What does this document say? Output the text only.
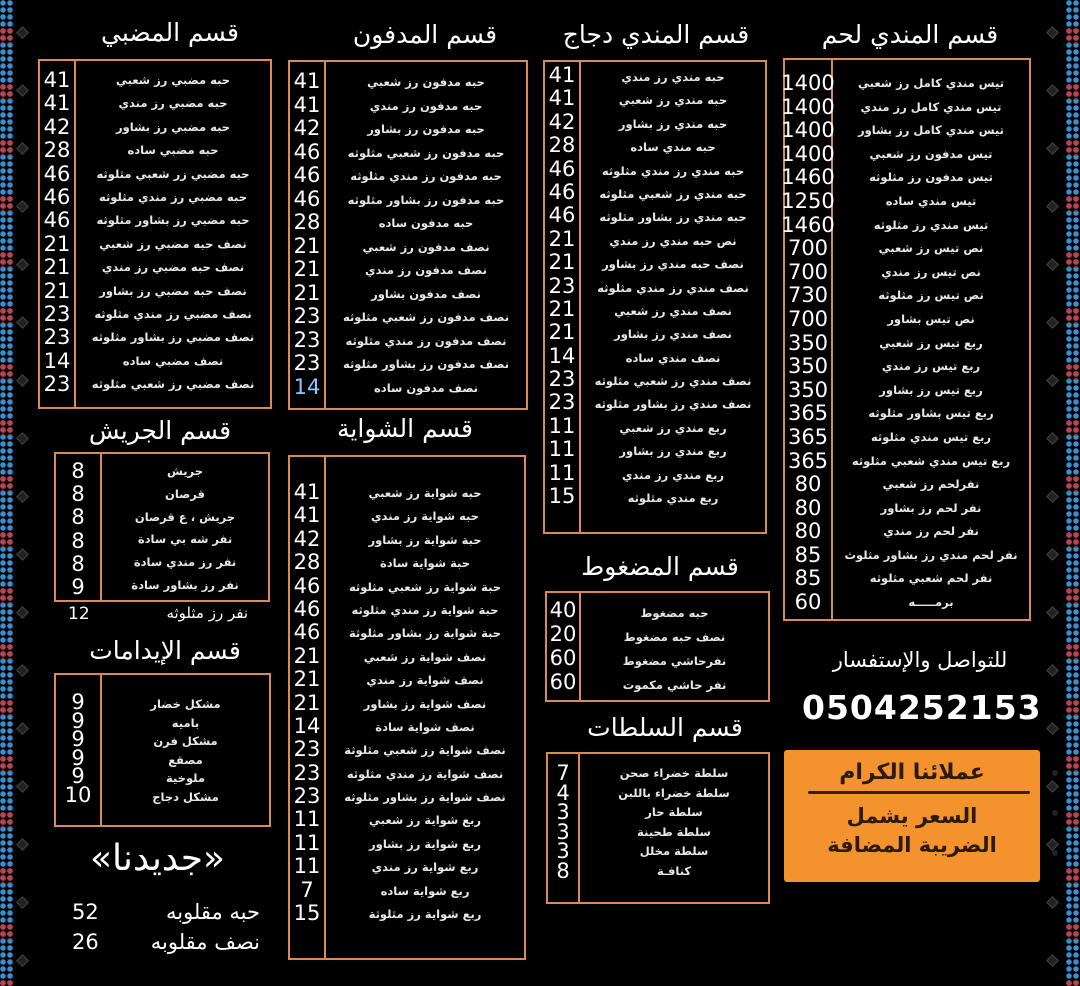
قسم المندي لحم
قسم المندي دجاج
قسم المدفون
قسم المضبي
قسم الشواية
قسم الجريش
قسم الإيدامات
قسم المضغوط
قسم السلطات
1400
1400
1400
1400
1460
1250
1460
700
700
730
700
350
350
350
365
365
365
80
80
80
85
85
60
تيس مندي كامل رز شعبي
تيس مندي كامل رز مندي
تيس مندي كامل رز بشاور
تيس مدفون رز شعبي
تيس مدفون رز مثلوثه
تيس مندي ساده
تيس مندي رز مثلوثه
نص تيس رز شعبي
نص تيس رز مندي
نص تيس رز مثلوثه
نص تيس بشاور
ربع تيس رز شعبي
ربع تيس رز مندي
ربع تيس رز بشاور
ربع تيس بشاور مثلوثه
ربع تيس مندي مثلوثه
ربع تيس مندي شعبي مثلوثه
نفرلحم رز شعبي
نفر لحم رز بشاور
نفر لحم رز مندي
نفر لحم مندي رز بشاور مثلوث
نفر لحم شعبي مثلوثه
برمـــــه
41
41
42
28
46
46
46
21
21
23
21
21
14
23
23
11
11
11
15
حبه مندي رز مندي
حبه مندي رز شعبي
حبه مندي رز بشاور
حبه مندي ساده
حبه مندي رز مندي مثلوثه
حبه مندي رز شعبي مثلوثه
حبه مندي رز بشاور مثلوثه
نص حبه مندي رز مندي
نصف حبه مندي رز بشاور
نصف مندي رز مندي مثلوثه
نصف مندي رز شعبي
نصف مندي رز بشاور
نصف مندي ساده
نصف مندي رز شعبي مثلوثه
نصف مندي رز بشاور مثلوثه
ربع مندي رز شعبي
ربع مندي رز بشاور
ربع مندي رز مندي
ربع مندي مثلوثه
41
41
42
46
46
46
28
21
21
21
23
23
23
14
حبه مدفون رز شعبي
حبه مدفون رز مندي
حبه مدفون رز بشاور
حبه مدفون رز شعبي مثلوثه
حبه مدفون رز مندي مثلوثه
حبه مدفون رز بشاور مثلوثه
حبه مدفون ساده
نصف مدفون رز شعبي
نصف مدفون رز مندي
نصف مدفون بشاور
نصف مدفون رز شعبي مثلوثه
نصف مدفون رز مندي مثلوثه
نصف مدفون رز بشاور مثلوثه
نصف مدفون ساده
41
41
42
28
46
46
46
21
21
21
23
23
14
23
حبه مضبي رز شعبي
حبه مضبي رز مندي
حبه مضبي رز بشاور
حبه مضبي ساده
حبه مضبي زر شعبي مثلوثه
حبه مضبي رز مندي مثلوثه
حبه مضبي رز بشاور مثلوثه
نصف حبه مضبي رز شعبي
نصف حبه مضبي رز مندي
نصف حبه مضبي رز بشاور
نصف مضبي رز مندي مثلوثه
نصف مضبي رز بشاور مثلوثه
نصف مضبي ساده
نصف مضبي رز شعبي مثلوثه
41
41
42
28
46
46
46
21
21
21
14
23
23
23
11
11
11
7
15
حبه شواية رز شعبي
حبه شواية رز مندي
حبة شواية رز بشاور
حبة شواية سادة
حبة شواية رز شعبي مثلوثه
حبة شواية رز مندي مثلوثه
حبة شواية رز بشاور مثلوثة
نصف شواية رز شعبي
نصف شواية رز مندي
نصف شواية رز بشاور
نصف شواية سادة
نصف شواية رز شعبي مثلوثة
نصف شواية رز مندي مثلوثه
نصف شواية رز بشاور مثلوثه
ربع شواية رز شعبي
ربع شواية رز بشاور
ربع شواية رز مندي
ربع شواية ساده
ربع شواية رز مثلوثة
8
8
8
8
8
9
جريش
قرصان
جريش ، ع قرصان
نفر شه بي سادة
نفر رز مندي سادة
نفر رز بشاور سادة
نفر رز مثلوثه
12
9
9
9
9
9
10
مشكل خضار
باميه
مشكل فرن
مصقع
ملوخية
مشكل دجاج
40
20
60
60
حبه مضغوط
نصف حبه مضغوط
نفرحاشي مضغوط
نفر حاشي مكموت
7
4
3
3
3
8
سلطة خضراء صحن
سلطة خضراء باللبن
سلطة حار
سلطة طحينة
سلطة مخلل
كنافـة
«جديدنا»
حبه مقلوبه
52
نصف مقلوبه
26
للتواصل والإستفسار
0504252153
عملائنا الكرام
السعر يشمل
الضريبة المضافة
